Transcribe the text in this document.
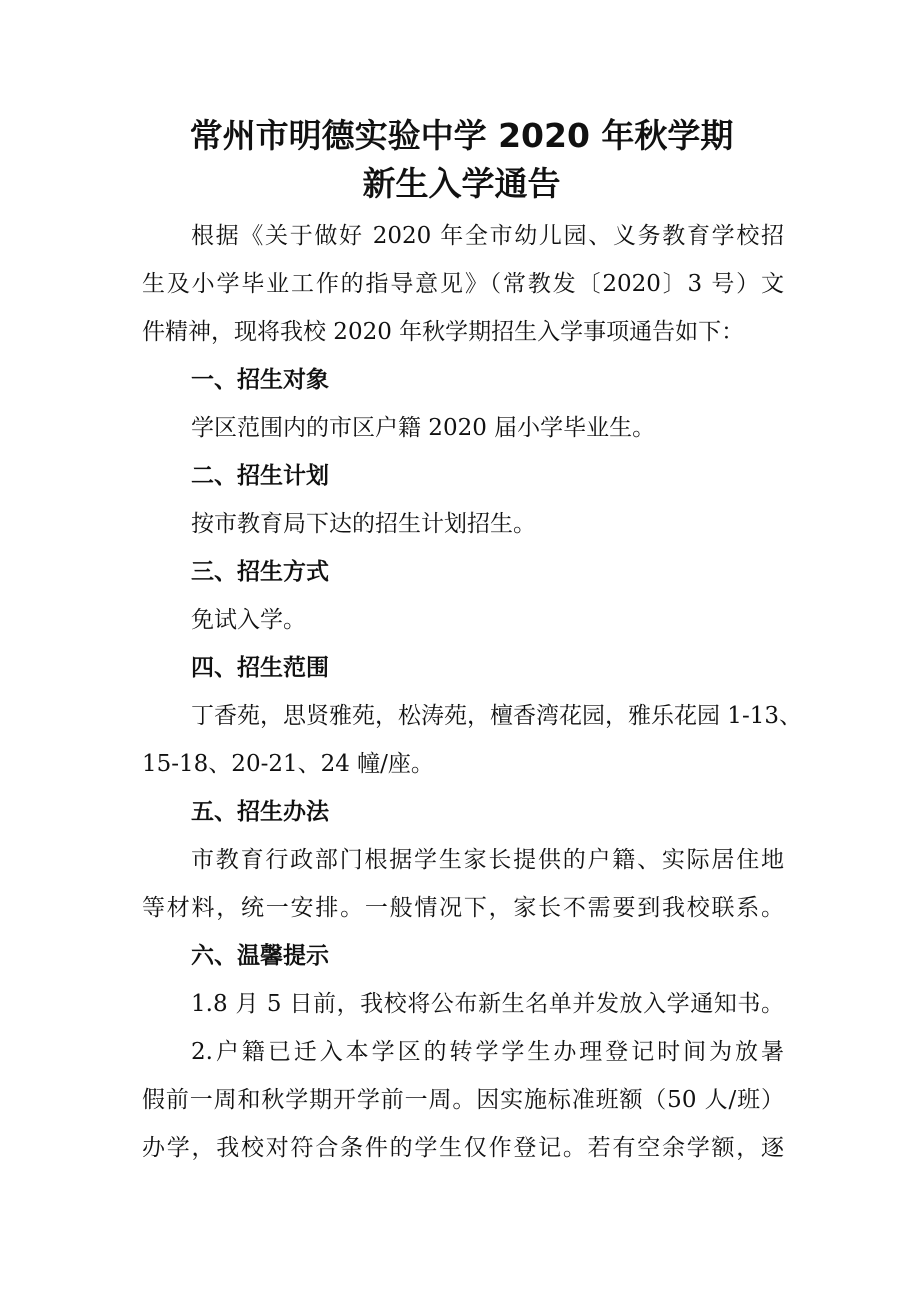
常州市明德实验中学 2020 年秋学期
新生入学通告

根据《关于做好 2020 年全市幼儿园、义务教育学校招

生及小学毕业工作的指导意见》（常教发〔2020〕3 号）文

件精神，现将我校 2020 年秋学期招生入学事项通告如下：

一、招生对象

学区范围内的市区户籍 2020 届小学毕业生。

二、招生计划

按市教育局下达的招生计划招生。

三、招生方式

免试入学。

四、招生范围

丁香苑，思贤雅苑，松涛苑，檀香湾花园，雅乐花园 1-13、

15-18、20-21、24 幢/座。

五、招生办法

市教育行政部门根据学生家长提供的户籍、实际居住地

等材料，统一安排。一般情况下，家长不需要到我校联系。

六、温馨提示

1.8 月 5 日前，我校将公布新生名单并发放入学通知书。

2.户籍已迁入本学区的转学学生办理登记时间为放暑

假前一周和秋学期开学前一周。因实施标准班额（50 人/班）

办学，我校对符合条件的学生仅作登记。若有空余学额，逐
